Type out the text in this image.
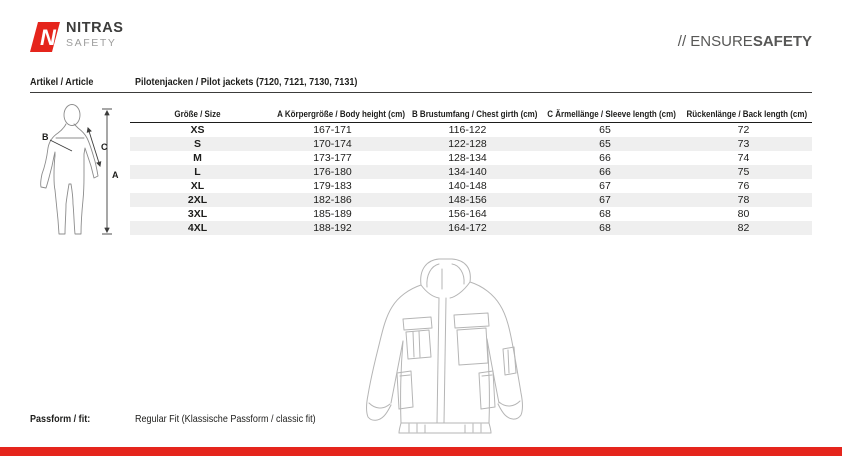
N NITRAS
SAFETY	// ENSURESAFETY
Artikel / Article	Pilotenjacken / Pilot jackets (7120, 7121, 7130, 7131)
A
B
C
Größe / Size	A Körpergröße / Body height (cm)	B Brustumfang / Chest girth (cm)	C Ärmellänge / Sleeve length (cm)	Rückenlänge / Back length (cm)
XS	167-171	116-122	65	72
S	170-174	122-128	65	73
M	173-177	128-134	66	74
L	176-180	134-140	66	75
XL	179-183	140-148	67	76
2XL	182-186	148-156	67	78
3XL	185-189	156-164	68	80
4XL	188-192	164-172	68	82
Passform / fit:	Regular Fit (Klassische Passform / classic fit)
